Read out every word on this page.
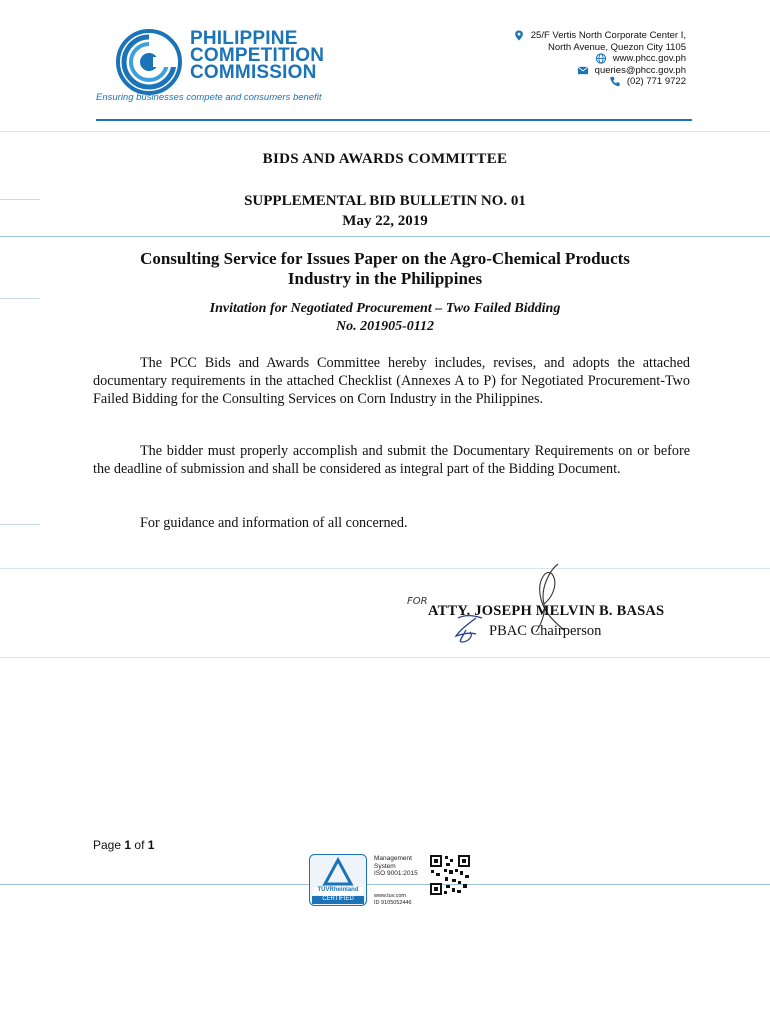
PHILIPPINE
COMPETITION
COMMISSION
Ensuring businesses compete and consumers benefit
25/F Vertis North Corporate Center I,
North Avenue, Quezon City 1105
www.phcc.gov.ph
queries@phcc.gov.ph
(02) 771 9722
BIDS AND AWARDS COMMITTEE
SUPPLEMENTAL BID BULLETIN NO. 01
May 22, 2019
Consulting Service for Issues Paper on the Agro-Chemical Products
Industry in the Philippines
Invitation for Negotiated Procurement – Two Failed Bidding
No. 201905-0112

The PCC Bids and Awards Committee hereby includes, revises, and adopts the attached documentary requirements in the attached Checklist (Annexes A to P) for Negotiated Procurement-Two Failed Bidding for the Consulting Services on Corn Industry in the Philippines.

The bidder must properly accomplish and submit the Documentary Requirements on or before the deadline of submission and shall be considered as integral part of the Bidding Document.

For guidance and information of all concerned.

FOR
ATTY. JOSEPH MELVIN B. BASAS
PBAC Chairperson
Page 1 of 1
TÜVRheinland
CERTIFIED
Management
System
ISO 9001:2015
www.tuv.com
ID 9105052446
